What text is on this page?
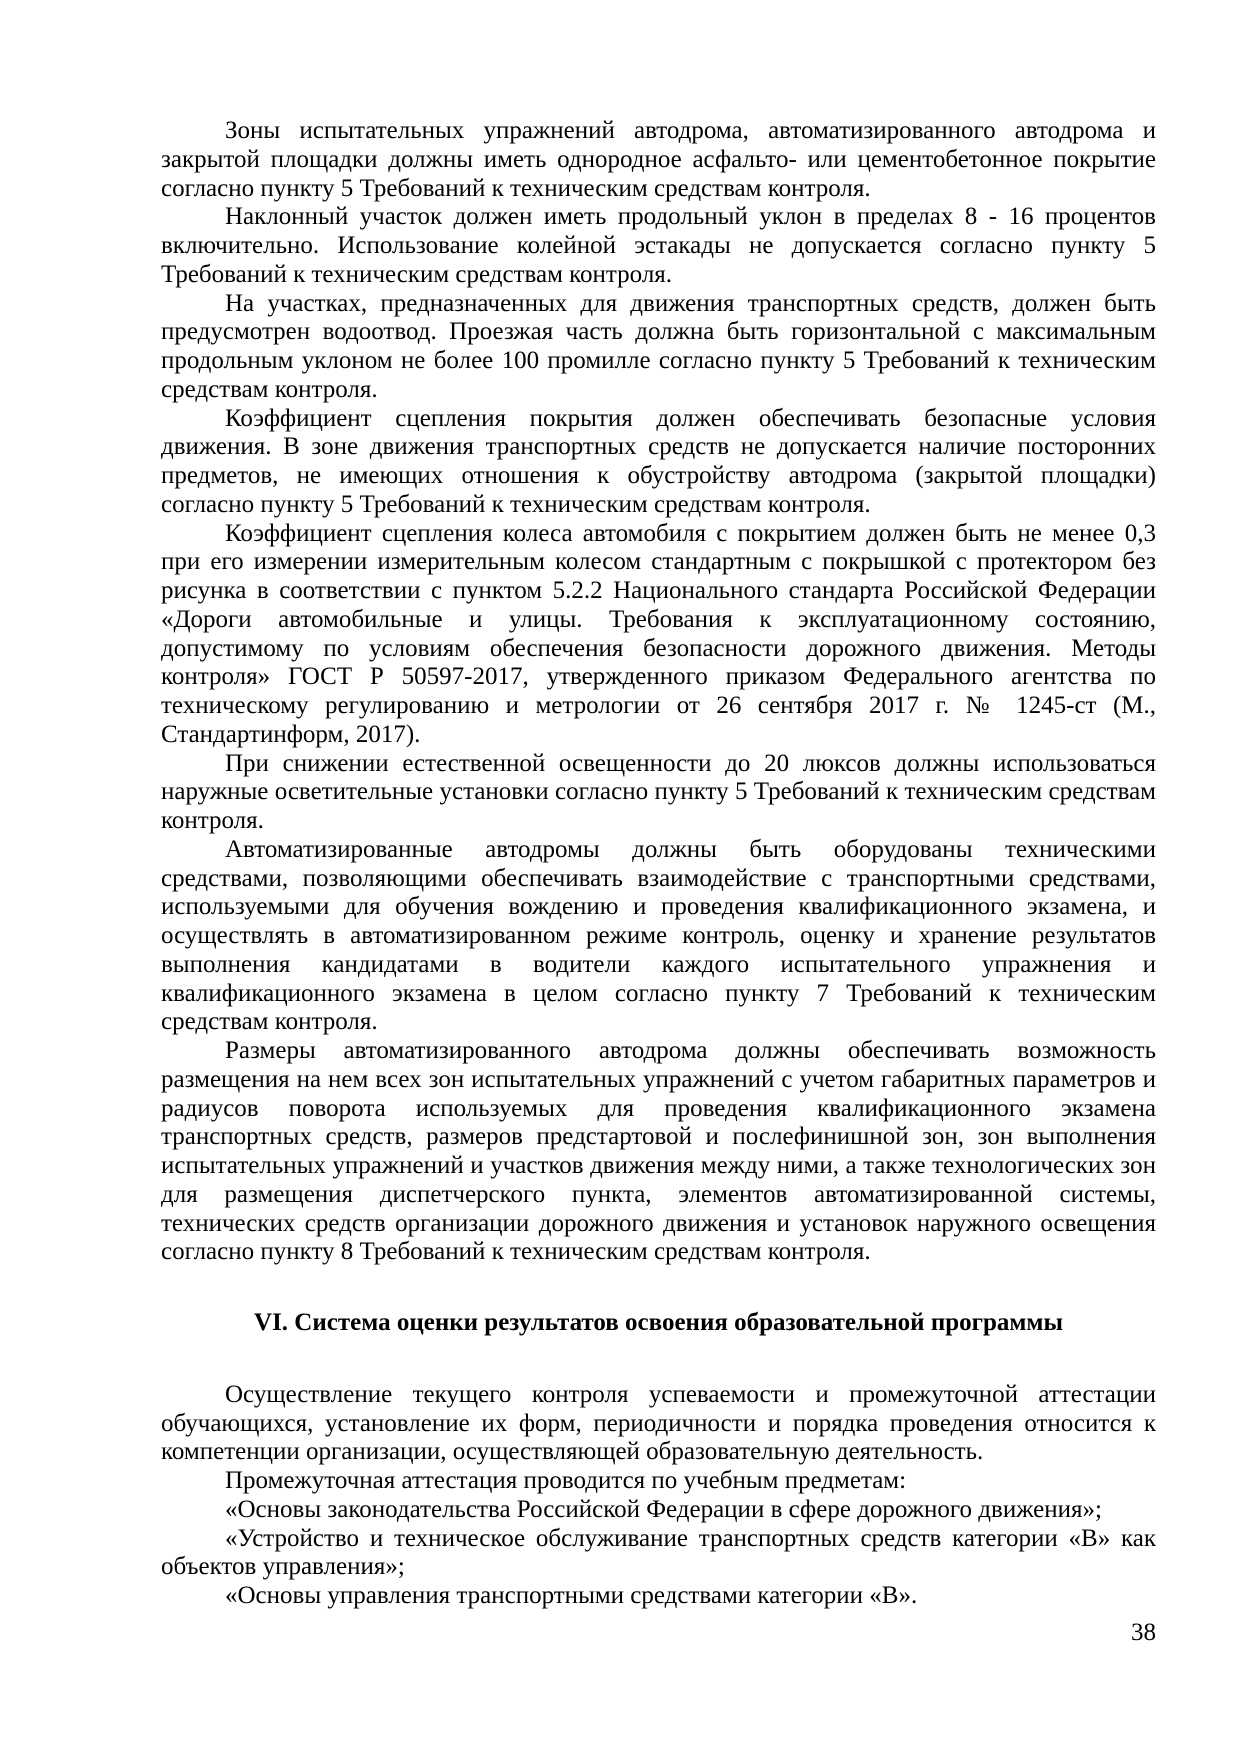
Зоны испытательных упражнений автодрома, автоматизированного автодрома и закрытой площадки должны иметь однородное асфальто- или цементобетонное покрытие согласно пункту 5 Требований к техническим средствам контроля.

Наклонный участок должен иметь продольный уклон в пределах 8 - 16 процентов включительно. Использование колейной эстакады не допускается согласно пункту 5 Требований к техническим средствам контроля.

На участках, предназначенных для движения транспортных средств, должен быть предусмотрен водоотвод. Проезжая часть должна быть горизонтальной с максимальным продольным уклоном не более 100 промилле согласно пункту 5 Требований к техническим средствам контроля.

Коэффициент сцепления покрытия должен обеспечивать безопасные условия движения. В зоне движения транспортных средств не допускается наличие посторонних предметов, не имеющих отношения к обустройству автодрома (закрытой площадки) согласно пункту 5 Требований к техническим средствам контроля.

Коэффициент сцепления колеса автомобиля с покрытием должен быть не менее 0,3 при его измерении измерительным колесом стандартным с покрышкой с протектором без рисунка в соответствии с пунктом 5.2.2 Национального стандарта Российской Федерации «Дороги автомобильные и улицы. Требования к эксплуатационному состоянию, допустимому по условиям обеспечения безопасности дорожного движения. Методы контроля» ГОСТ Р 50597-2017, утвержденного приказом Федерального агентства по техническому регулированию и метрологии от 26 сентября 2017 г. № 1245-ст (М., Стандартинформ, 2017).

При снижении естественной освещенности до 20 люксов должны использоваться наружные осветительные установки согласно пункту 5 Требований к техническим средствам контроля.

Автоматизированные автодромы должны быть оборудованы техническими средствами, позволяющими обеспечивать взаимодействие с транспортными средствами, используемыми для обучения вождению и проведения квалификационного экзамена, и осуществлять в автоматизированном режиме контроль, оценку и хранение результатов выполнения кандидатами в водители каждого испытательного упражнения и квалификационного экзамена в целом согласно пункту 7 Требований к техническим средствам контроля.

Размеры автоматизированного автодрома должны обеспечивать возможность размещения на нем всех зон испытательных упражнений с учетом габаритных параметров и радиусов поворота используемых для проведения квалификационного экзамена транспортных средств, размеров предстартовой и послефинишной зон, зон выполнения испытательных упражнений и участков движения между ними, а также технологических зон для размещения диспетчерского пункта, элементов автоматизированной системы, технических средств организации дорожного движения и установок наружного освещения согласно пункту 8 Требований к техническим средствам контроля.

VI. Система оценки результатов освоения образовательной программы

Осуществление текущего контроля успеваемости и промежуточной аттестации обучающихся, установление их форм, периодичности и порядка проведения относится к компетенции организации, осуществляющей образовательную деятельность.

Промежуточная аттестация проводится по учебным предметам:

«Основы законодательства Российской Федерации в сфере дорожного движения»;

«Устройство и техническое обслуживание транспортных средств категории «В» как объектов управления»;

«Основы управления транспортными средствами категории «В».

38
